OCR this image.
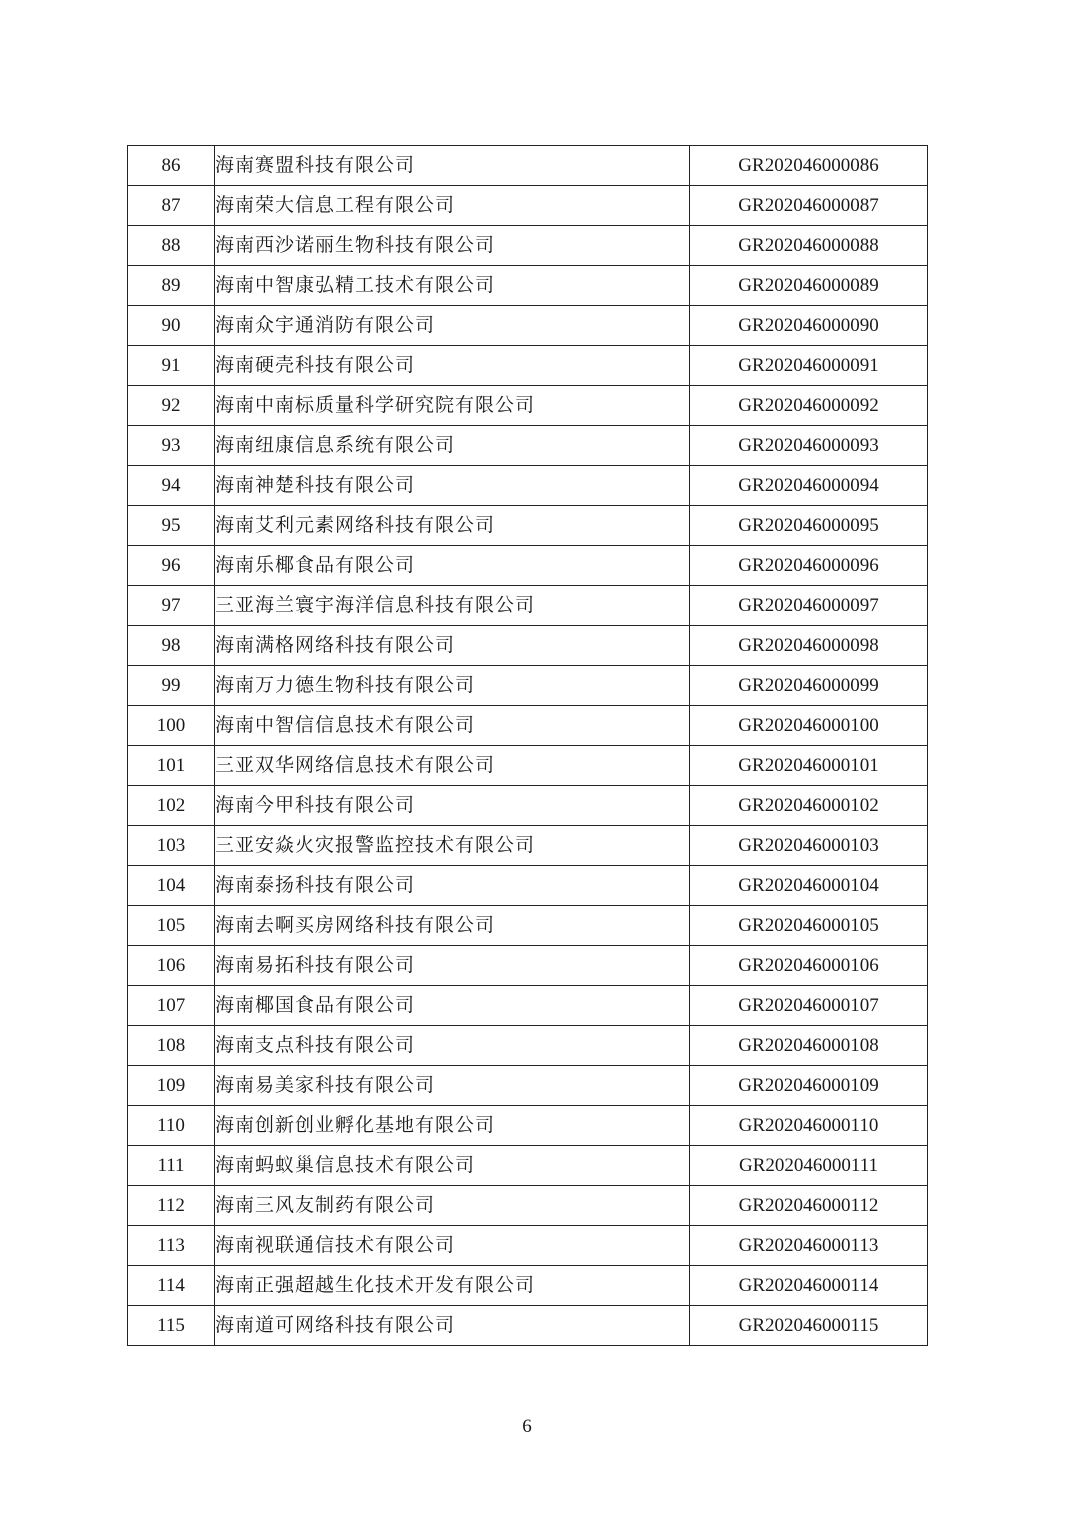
86	海南赛盟科技有限公司	GR202046000086
87	海南荣大信息工程有限公司	GR202046000087
88	海南西沙诺丽生物科技有限公司	GR202046000088
89	海南中智康弘精工技术有限公司	GR202046000089
90	海南众宇通消防有限公司	GR202046000090
91	海南硬壳科技有限公司	GR202046000091
92	海南中南标质量科学研究院有限公司	GR202046000092
93	海南纽康信息系统有限公司	GR202046000093
94	海南神楚科技有限公司	GR202046000094
95	海南艾利元素网络科技有限公司	GR202046000095
96	海南乐椰食品有限公司	GR202046000096
97	三亚海兰寰宇海洋信息科技有限公司	GR202046000097
98	海南满格网络科技有限公司	GR202046000098
99	海南万力德生物科技有限公司	GR202046000099
100	海南中智信信息技术有限公司	GR202046000100
101	三亚双华网络信息技术有限公司	GR202046000101
102	海南今甲科技有限公司	GR202046000102
103	三亚安焱火灾报警监控技术有限公司	GR202046000103
104	海南泰扬科技有限公司	GR202046000104
105	海南去啊买房网络科技有限公司	GR202046000105
106	海南易拓科技有限公司	GR202046000106
107	海南椰国食品有限公司	GR202046000107
108	海南支点科技有限公司	GR202046000108
109	海南易美家科技有限公司	GR202046000109
110	海南创新创业孵化基地有限公司	GR202046000110
111	海南蚂蚁巢信息技术有限公司	GR202046000111
112	海南三风友制药有限公司	GR202046000112
113	海南视联通信技术有限公司	GR202046000113
114	海南正强超越生化技术开发有限公司	GR202046000114
115	海南道可网络科技有限公司	GR202046000115
6
